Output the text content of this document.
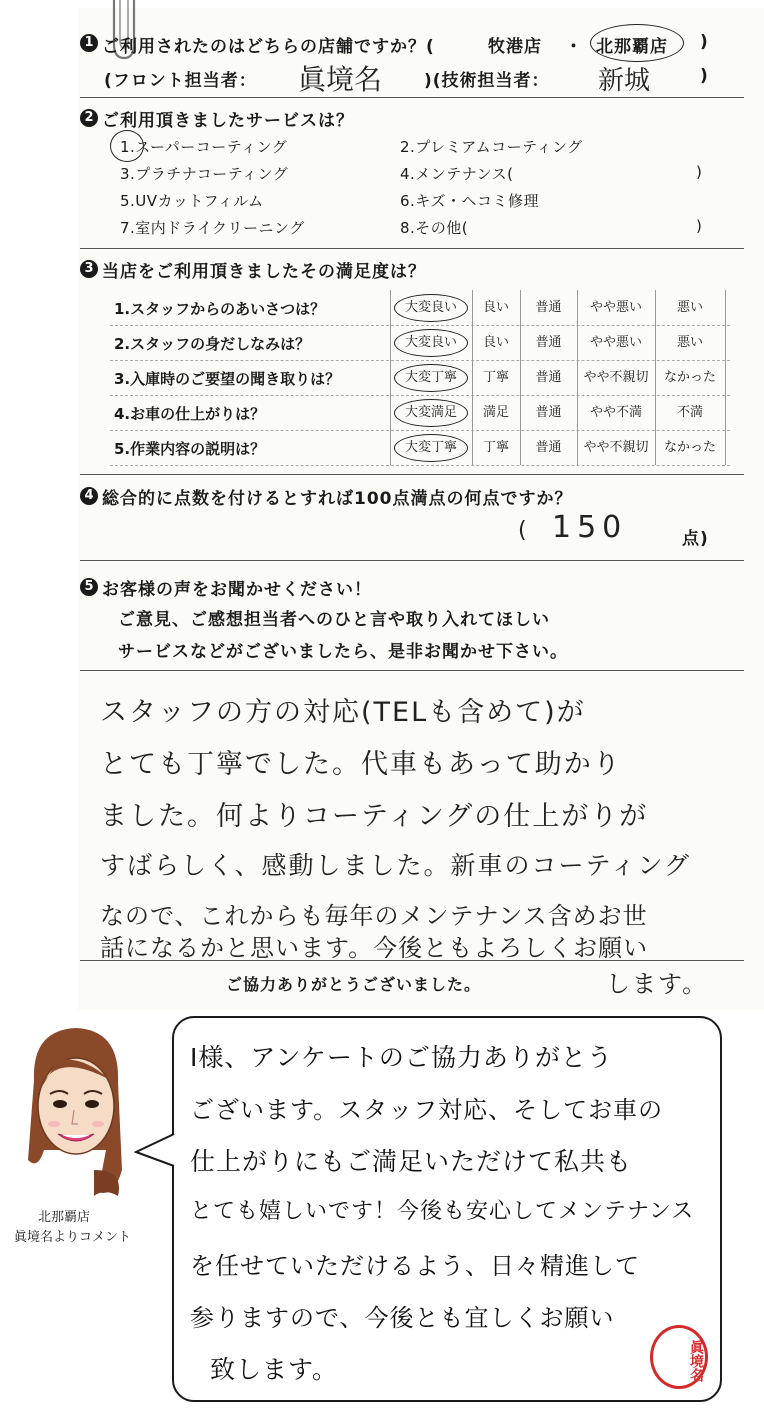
1 ご利用されたのはどちらの店舗ですか？(	牧港店 ・ 北那覇店 )
(フロント担当者： 眞境名 )(技術担当者： 新城	)
2 ご利用頂きましたサービスは？
1.スーパーコーティング	2.プレミアムコーティング
3.プラチナコーティング	4.メンテナンス(	)
5.UVカットフィルム	6.キズ・ヘコミ修理
7.室内ドライクリーニング	8.その他(	)
3 当店をご利用頂きましたその満足度は？
1.スタッフからのあいさつは？	大変良い	良い	普通	やや悪い	悪い
2.スタッフの身だしなみは？	大変良い	良い	普通	やや悪い	悪い
3.入庫時のご要望の聞き取りは？	大変丁寧	丁寧	普通	やや不親切	なかった
4.お車の仕上がりは？	大変満足	満足	普通	やや不満	不満
5.作業内容の説明は？	大変丁寧	丁寧	普通	やや不親切	なかった
4 総合的に点数を付けるとすれば100点満点の何点ですか？
( 150	点)
5 お客様の声をお聞かせください！
ご意見、ご感想担当者へのひと言や取り入れてほしい
サービスなどがございましたら、是非お聞かせ下さい。
スタッフの方の対応(TELも含めて)が
とても丁寧でした。代車もあって助かり
ました。何よりコーティングの仕上がりが
すばらしく、感動しました。新車のコーティング
なので、これからも毎年のメンテナンス含めお世
話になるかと思います。今後ともよろしくお願い
します。
ご協力ありがとうございました。
北那覇店
眞境名よりコメント
I様、アンケートのご協力ありがとう
ございます。スタッフ対応、そしてお車の
仕上がりにもご満足いただけて私共も
とても嬉しいです！今後も安心してメンテナンス
を任せていただけるよう、日々精進して
参りますので、今後とも宜しくお願い
致します。	眞境名
